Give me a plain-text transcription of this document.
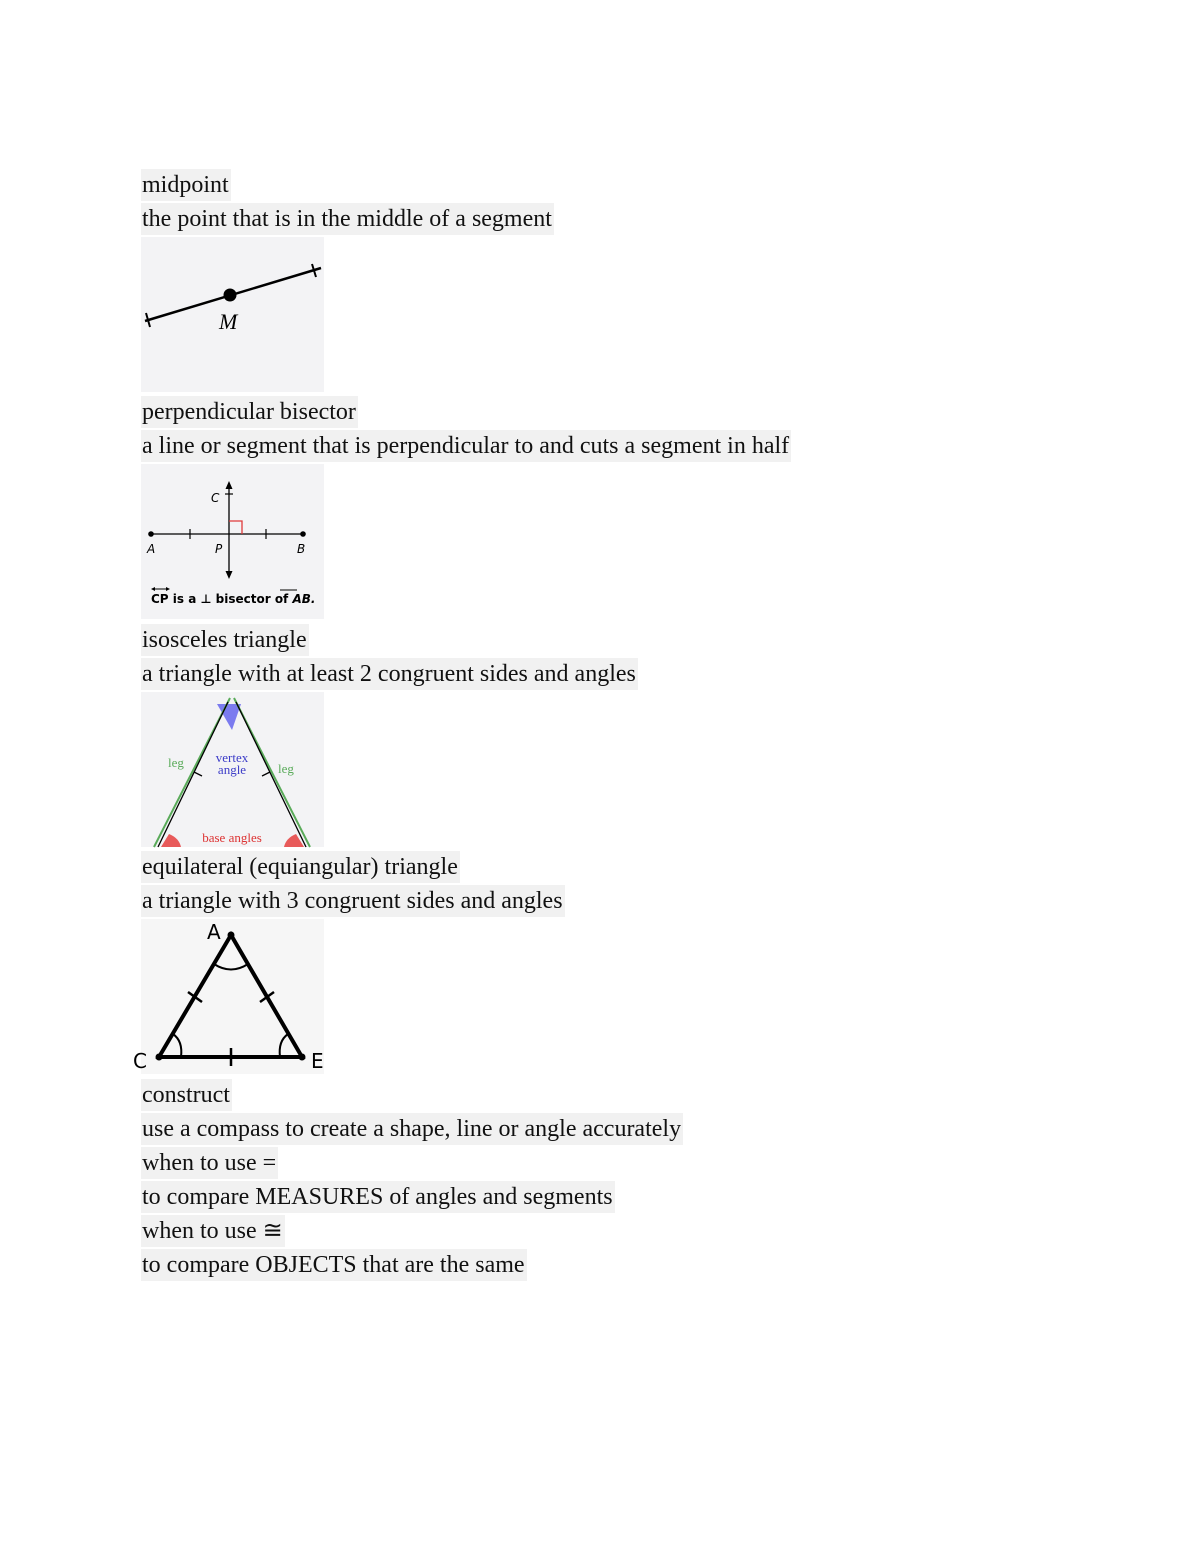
midpoint
the point that is in the middle of a segment
M
perpendicular bisector
a line or segment that is perpendicular to and cuts a segment in half
C
A	P	B
CP is a ⊥ bisector of AB.
isosceles triangle
a triangle with at least 2 congruent sides and angles
leg	leg
vertex
angle
base angles
equilateral (equiangular) triangle
a triangle with 3 congruent sides and angles
A
C	E
construct
use a compass to create a shape, line or angle accurately
when to use =
to compare MEASURES of angles and segments
when to use ≅
to compare OBJECTS that are the same
